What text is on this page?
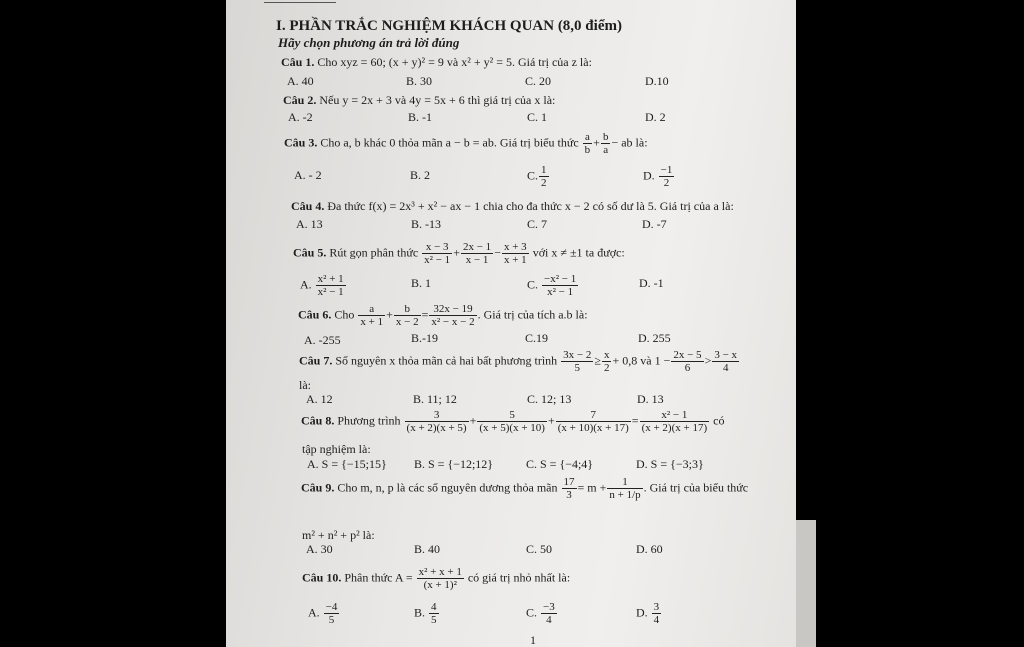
I. PHẦN TRẮC NGHIỆM KHÁCH QUAN (8,0 điểm)
Hãy chọn phương án trả lời đúng
Câu 1. Cho xyz = 60; (x + y)² = 9 và x² + y² = 5. Giá trị của z là:
A. 40	B. 30	C. 20	D.10
Câu 2. Nếu y = 2x + 3 và 4y = 5x + 6 thì giá trị của x là:
A. -2	B. -1	C. 1	D. 2
Câu 3. Cho a, b khác 0 thỏa mãn a − b = ab. Giá trị biểu thức $\frac{a}{b} + \frac{b}{a}$ − ab là:
A. - 2	B. 2	C. $\frac{1}{2}$	D. $\frac{-1}{2}$
Câu 4. Đa thức f(x) = 2x³ + x² − ax − 1 chia cho đa thức x − 2 có số dư là 5. Giá trị của a là:
A. 13	B. -13	C. 7	D. -7
Câu 5. Rút gọn phân thức $\frac{x - 3}{\text{x² − 1}} + \frac{2x - 1}{x - 1} - \frac{x + 3}{x + 1}$ với x ≠ ±1 ta được:
A. $\frac{\text{x² + 1}}{\text{x² − 1}}$	B. 1	C. $\frac{\text{−x² − 1}}{\text{x² − 1}}$	D. -1
Câu 6. Cho $\frac{a}{x + 1} + \frac{b}{x - 2} = \frac{32x - 19}{\text{x² − x − 2}}$ . Giá trị của tích a.b là:
A. -255	B.-19	C.19	D. 255
Câu 7. Số nguyên x thỏa mãn cả hai bất phương trình $\frac{3x - 2}{5} \ge \frac{x}{2} + 0,8$ và $1 - \frac{2x - 5}{6} > \frac{3 - x}{4}$
là:
A. 12	B. 11; 12	C. 12; 13	D. 13
Câu 8. Phương trình $\frac{3}{(x + 2)(x + 5)} + \frac{5}{(x + 5)(x + 10)} + \frac{7}{(x + 10)(x + 17)} = \frac{\text{x² − 1}}{(x + 2)(x + 17)}$ có
tập nghiệm là:
A. S = {−15;15} B. S = {−12;12}	C. S = {−4;4}	D. S = {−3;3}
Câu 9. Cho m, n, p là các số nguyên dương thỏa mãn $\frac{17}{3} = m + \frac{1}{n + 1/p}$ . Giá trị của biểu thức
m² + n² + p² là:
A. 30	B. 40	C. 50	D. 60
Câu 10. Phân thức $A = \frac{\text{x² + x + 1}}{\text{(x + 1)²}}$ có giá trị nhỏ nhất là:
A. $\frac{-4}{5}$	B. $\frac{4}{5}$	C. $\frac{-3}{4}$	D. $\frac{3}{4}$
1
